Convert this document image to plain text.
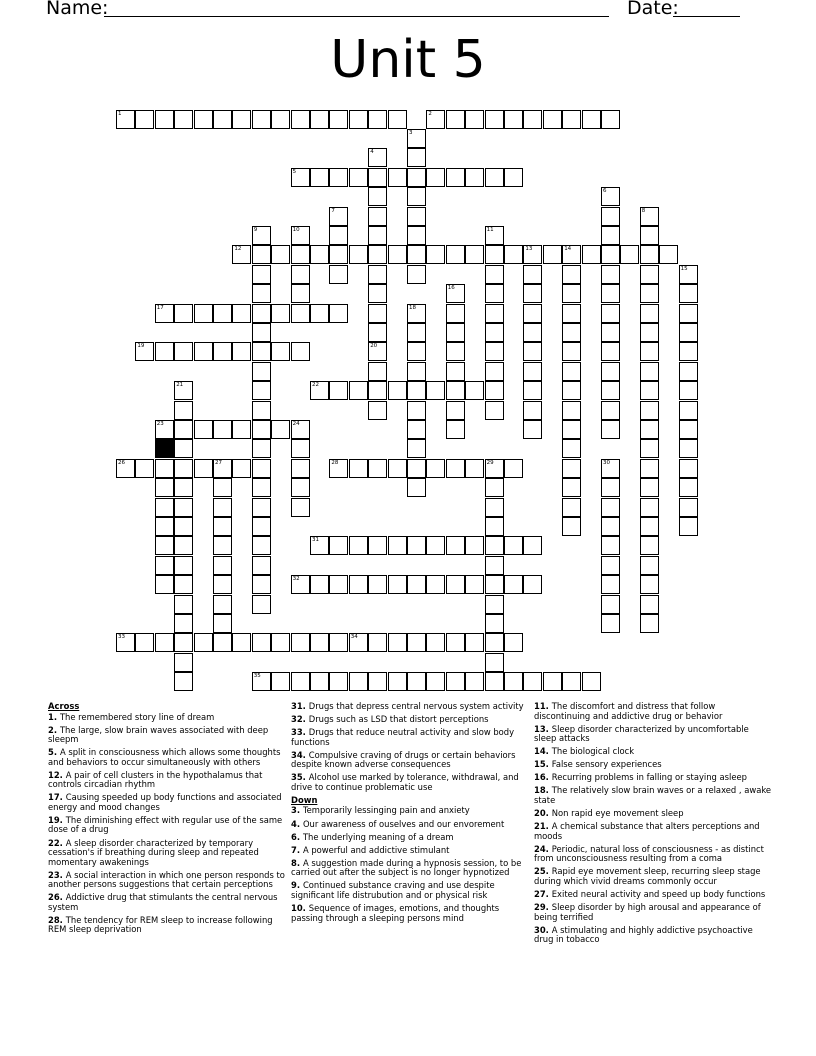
Name:	Date:
Unit 5
1	2
3
4
20
5
6
7	8
9	10	11
12	13	14
15
16
17	18
19
21	22
23	24
26	27	28	29	30
31
32
33	34
35
Across
1. The remembered story line of dream
2. The large, slow brain waves associated with deep sleepm
5. A split in consciousness which allows some thoughts and behaviors to occur simultaneously with others
12. A pair of cell clusters in the hypothalamus that controls circadian rhythm
17. Causing speeded up body functions and associated energy and mood changes
19. The diminishing effect with regular use of the same dose of a drug
22. A sleep disorder characterized by temporary cessation's if breathing during sleep and repeated momentary awakenings
23. A social interaction in which one person responds to another persons suggestions that certain perceptions
26. Addictive drug that stimulants the central nervous system
28. The tendency for REM sleep to increase following REM sleep deprivation
31. Drugs that depress central nervous system activity
32. Drugs such as LSD that distort perceptions
33. Drugs that reduce neutral activity and slow body functions
34. Compulsive craving of drugs or certain behaviors despite known adverse consequences
35. Alcohol use marked by tolerance, withdrawal, and drive to continue problematic use
Down
3. Temporarily lessinging pain and anxiety
4. Our awareness of ouselves and our envorement
6. The underlying meaning of a dream
7. A powerful and addictive stimulant
8. A suggestion made during a hypnosis session, to be carried out after the subject is no longer hypnotized
9. Continued substance craving and use despite significant life distrubution and or physical risk
10. Sequence of images, emotions, and thoughts passing through a sleeping persons mind
11. The discomfort and distress that follow discontinuing and addictive drug or behavior
13. Sleep disorder characterized by uncomfortable sleep attacks
14. The biological clock
15. False sensory experiences
16. Recurring problems in falling or staying asleep
18. The relatively slow brain waves or a relaxed , awake state
20. Non rapid eye movement sleep
21. A chemical substance that alters perceptions and moods
24. Periodic, natural loss of consciousness - as distinct from unconsciousness resulting from a coma
25. Rapid eye movement sleep, recurring sleep stage during which vivid dreams commonly occur
27. Exited neural activity and speed up body functions
29. Sleep disorder by high arousal and appearance of being terrified
30. A stimulating and highly addictive psychoactive drug in tobacco
